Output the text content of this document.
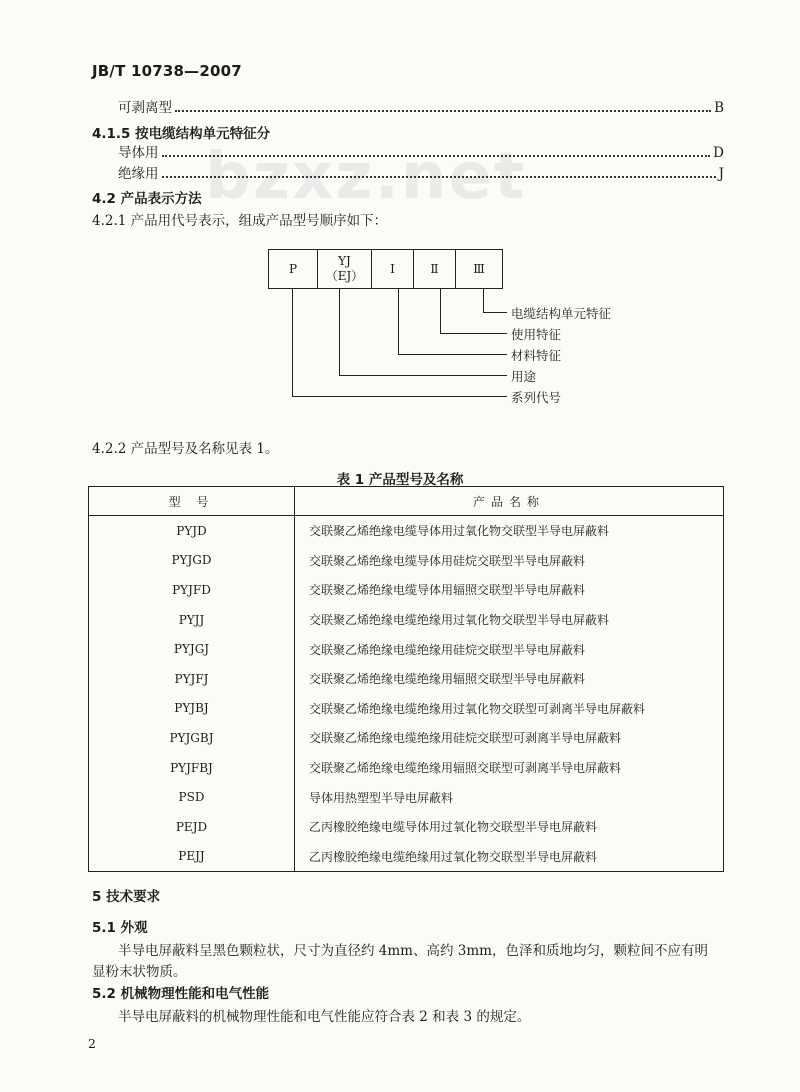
JB/T 10738—2007
bzxz.net
可剥离型	B
4.1.5 按电缆结构单元特征分
导体用	D
绝缘用	J
4.2 产品表示方法
4.2.1 产品用代号表示，组成产品型号顺序如下：
P
YJ
（EJ）
Ⅰ	Ⅱ	Ⅲ
电缆结构单元特征
使用特征
材料特征
用途
系列代号
4.2.2 产品型号及名称见表 1。
表 1 产品型号及名称
型 号	产品名称
PYJD	交联聚乙烯绝缘电缆导体用过氧化物交联型半导电屏蔽料
PYJGD	交联聚乙烯绝缘电缆导体用硅烷交联型半导电屏蔽料
PYJFD	交联聚乙烯绝缘电缆导体用辐照交联型半导电屏蔽料
PYJJ	交联聚乙烯绝缘电缆绝缘用过氧化物交联型半导电屏蔽料
PYJGJ	交联聚乙烯绝缘电缆绝缘用硅烷交联型半导电屏蔽料
PYJFJ	交联聚乙烯绝缘电缆绝缘用辐照交联型半导电屏蔽料
PYJBJ	交联聚乙烯绝缘电缆绝缘用过氧化物交联型可剥离半导电屏蔽料
PYJGBJ	交联聚乙烯绝缘电缆绝缘用硅烷交联型可剥离半导电屏蔽料
PYJFBJ	交联聚乙烯绝缘电缆绝缘用辐照交联型可剥离半导电屏蔽料
PSD	导体用热塑型半导电屏蔽料
PEJD	乙丙橡胶绝缘电缆导体用过氧化物交联型半导电屏蔽料
PEJJ	乙丙橡胶绝缘电缆绝缘用过氧化物交联型半导电屏蔽料
5 技术要求
5.1 外观
半导电屏蔽料呈黑色颗粒状，尺寸为直径约 4mm、高约 3mm，色泽和质地均匀，颗粒间不应有明
显粉末状物质。
5.2 机械物理性能和电气性能
半导电屏蔽料的机械物理性能和电气性能应符合表 2 和表 3 的规定。
2
